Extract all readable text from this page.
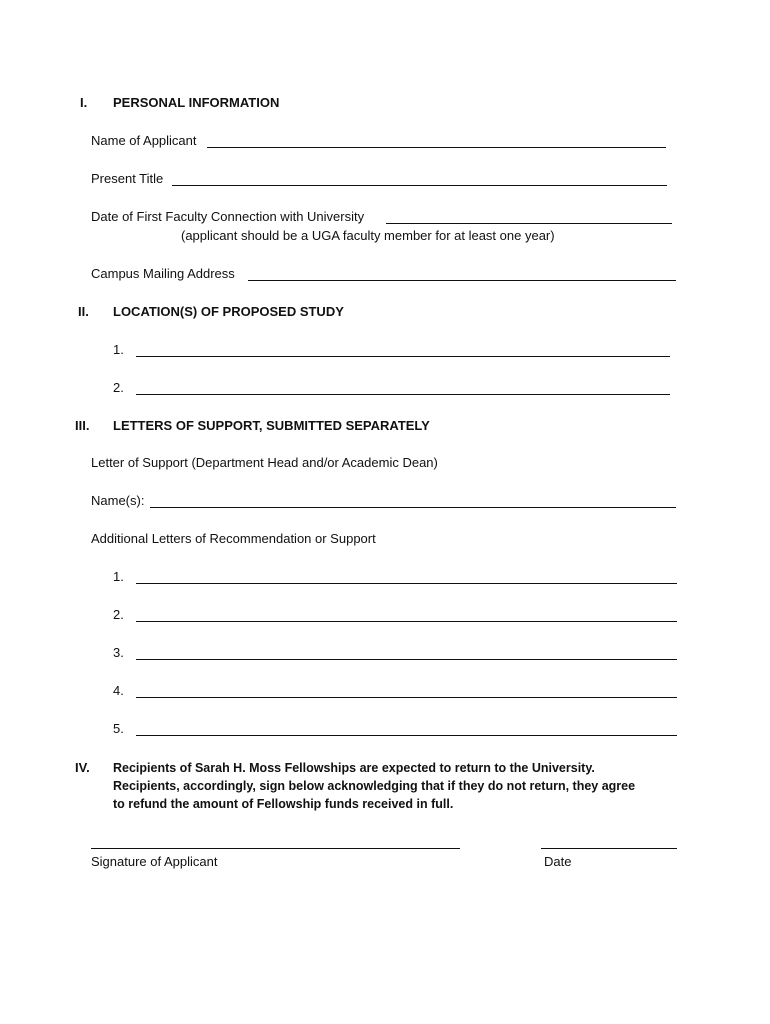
I. PERSONAL INFORMATION
Name of Applicant
Present Title
Date of First Faculty Connection with University
(applicant should be a UGA faculty member for at least one year)
Campus Mailing Address
II. LOCATION(S) OF PROPOSED STUDY
1.
2.
III. LETTERS OF SUPPORT, SUBMITTED SEPARATELY
Letter of Support (Department Head and/or Academic Dean)
Name(s):
Additional Letters of Recommendation or Support
1.
2.
3.
4.
5.
IV. Recipients of Sarah H. Moss Fellowships are expected to return to the University.
Recipients, accordingly, sign below acknowledging that if they do not return, they agree
to refund the amount of Fellowship funds received in full.
Signature of Applicant	Date
